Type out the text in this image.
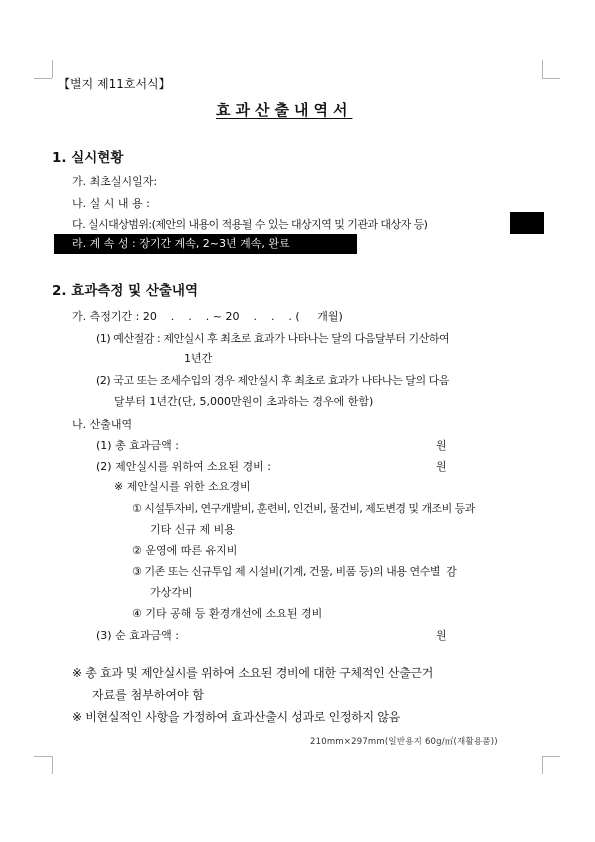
【별지 제11호서식】
효과산출내역서
1. 실시현황
가. 최초실시일자:
나. 실 시 내 용 :
다. 실시대상범위:(제안의 내용이 적용될 수 있는 대상지역 및 기관과 대상자 등)
라. 계 속 성 : 장기간 계속, 2~3년 계속, 완료
2. 효과측정 및 산출내역
가. 측정기간 : 20    .    .    . ~ 20    .    .    . (     개월)
(1) 예산절감 : 제안실시 후 최초로 효과가 나타나는 달의 다음달부터 기산하여
1년간
(2) 국고 또는 조세수입의 경우 제안실시 후 최초로 효과가 나타나는 달의 다음
달부터 1년간(단, 5,000만원이 초과하는 경우에 한함)
나. 산출내역
(1) 총 효과금액 :	원
(2) 제안실시를 위하여 소요된 경비 :	원
※ 제안실시를 위한 소요경비
① 시설투자비, 연구개발비, 훈련비, 인건비, 물건비, 제도변경 및 개조비 등과
기타 신규 제 비용
② 운영에 따른 유지비
③ 기존 또는 신규투입 제 시설비(기계, 건물, 비품 등)의 내용 연수별  감
가상각비
④ 기타 공해 등 환경개선에 소요된 경비
(3) 순 효과금액 :	원
※ 총 효과 및 제안실시를 위하여 소요된 경비에 대한 구체적인 산출근거
자료를 첨부하여야 함
※ 비현실적인 사항을 가정하여 효과산출시 성과로 인정하지 않음
210mm×297mm(일반용지 60g/㎡(재활용품))
